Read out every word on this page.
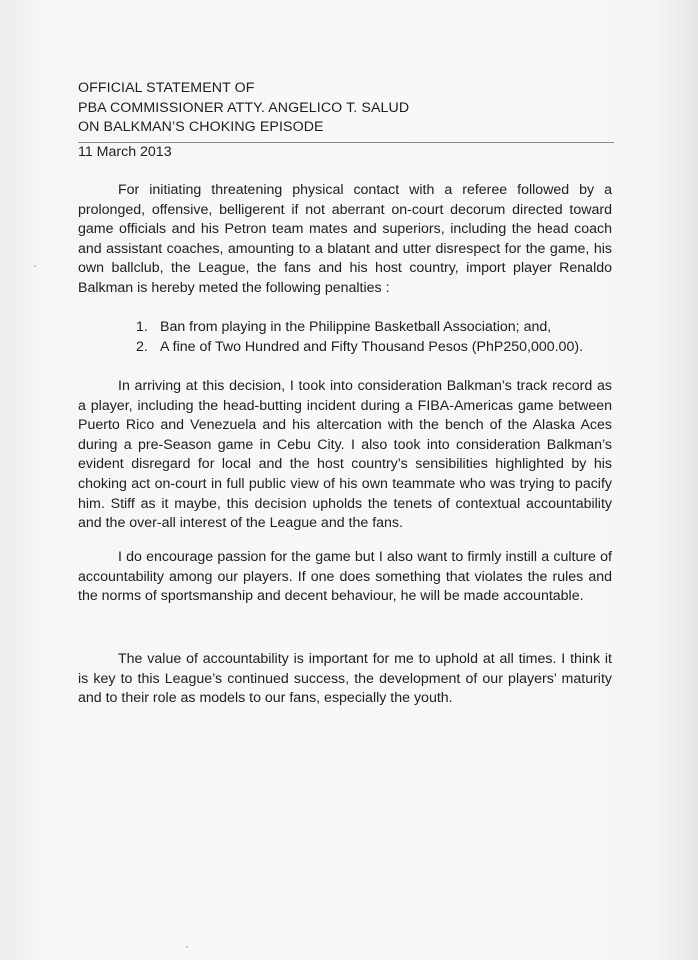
OFFICIAL STATEMENT OF
PBA COMMISSIONER ATTY. ANGELICO T. SALUD
ON BALKMAN’S CHOKING EPISODE
11 March 2013

For initiating threatening physical contact with a referee followed by a prolonged, offensive, belligerent if not aberrant on-court decorum directed toward game officials and his Petron team mates and superiors, including the head coach and assistant coaches, amounting to a blatant and utter disrespect for the game, his own ballclub, the League, the fans and his host country, import player Renaldo Balkman is hereby meted the following penalties :

1. Ban from playing in the Philippine Basketball Association; and,
2. A fine of Two Hundred and Fifty Thousand Pesos (PhP250,000.00).

In arriving at this decision, I took into consideration Balkman’s track record as a player, including the head-butting incident during a FIBA-Americas game between Puerto Rico and Venezuela and his altercation with the bench of the Alaska Aces during a pre-Season game in Cebu City. I also took into consideration Balkman’s evident disregard for local and the host country’s sensibilities highlighted by his choking act on-court in full public view of his own teammate who was trying to pacify him. Stiff as it maybe, this decision upholds the tenets of contextual accountability and the over-all interest of the League and the fans.

I do encourage passion for the game but I also want to firmly instill a culture of accountability among our players. If one does something that violates the rules and the norms of sportsmanship and decent behaviour, he will be made accountable.

The value of accountability is important for me to uphold at all times. I think it is key to this League’s continued success, the development of our players’ maturity and to their role as models to our fans, especially the youth.
